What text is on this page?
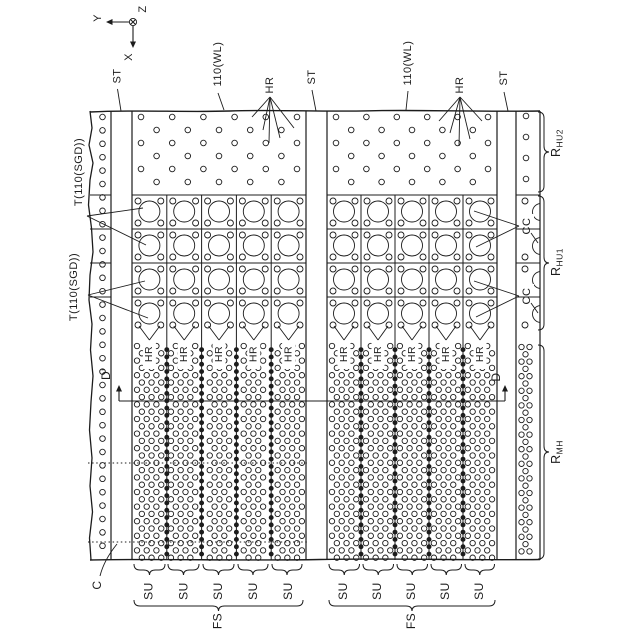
Y
X
Z
ST	ST	ST
110(WL)	110(WL)
HR	HR
T(110(SGD))
T(110(SGD))
CC
CC
HR HR HR HR HR	HR HR HR HR HR
D'	D
C	SU SU SU SU SU	SU SU SU SU SU
FS	FS
$R_{HU2}$
$R_{HU1}$
$R_{MH}$
